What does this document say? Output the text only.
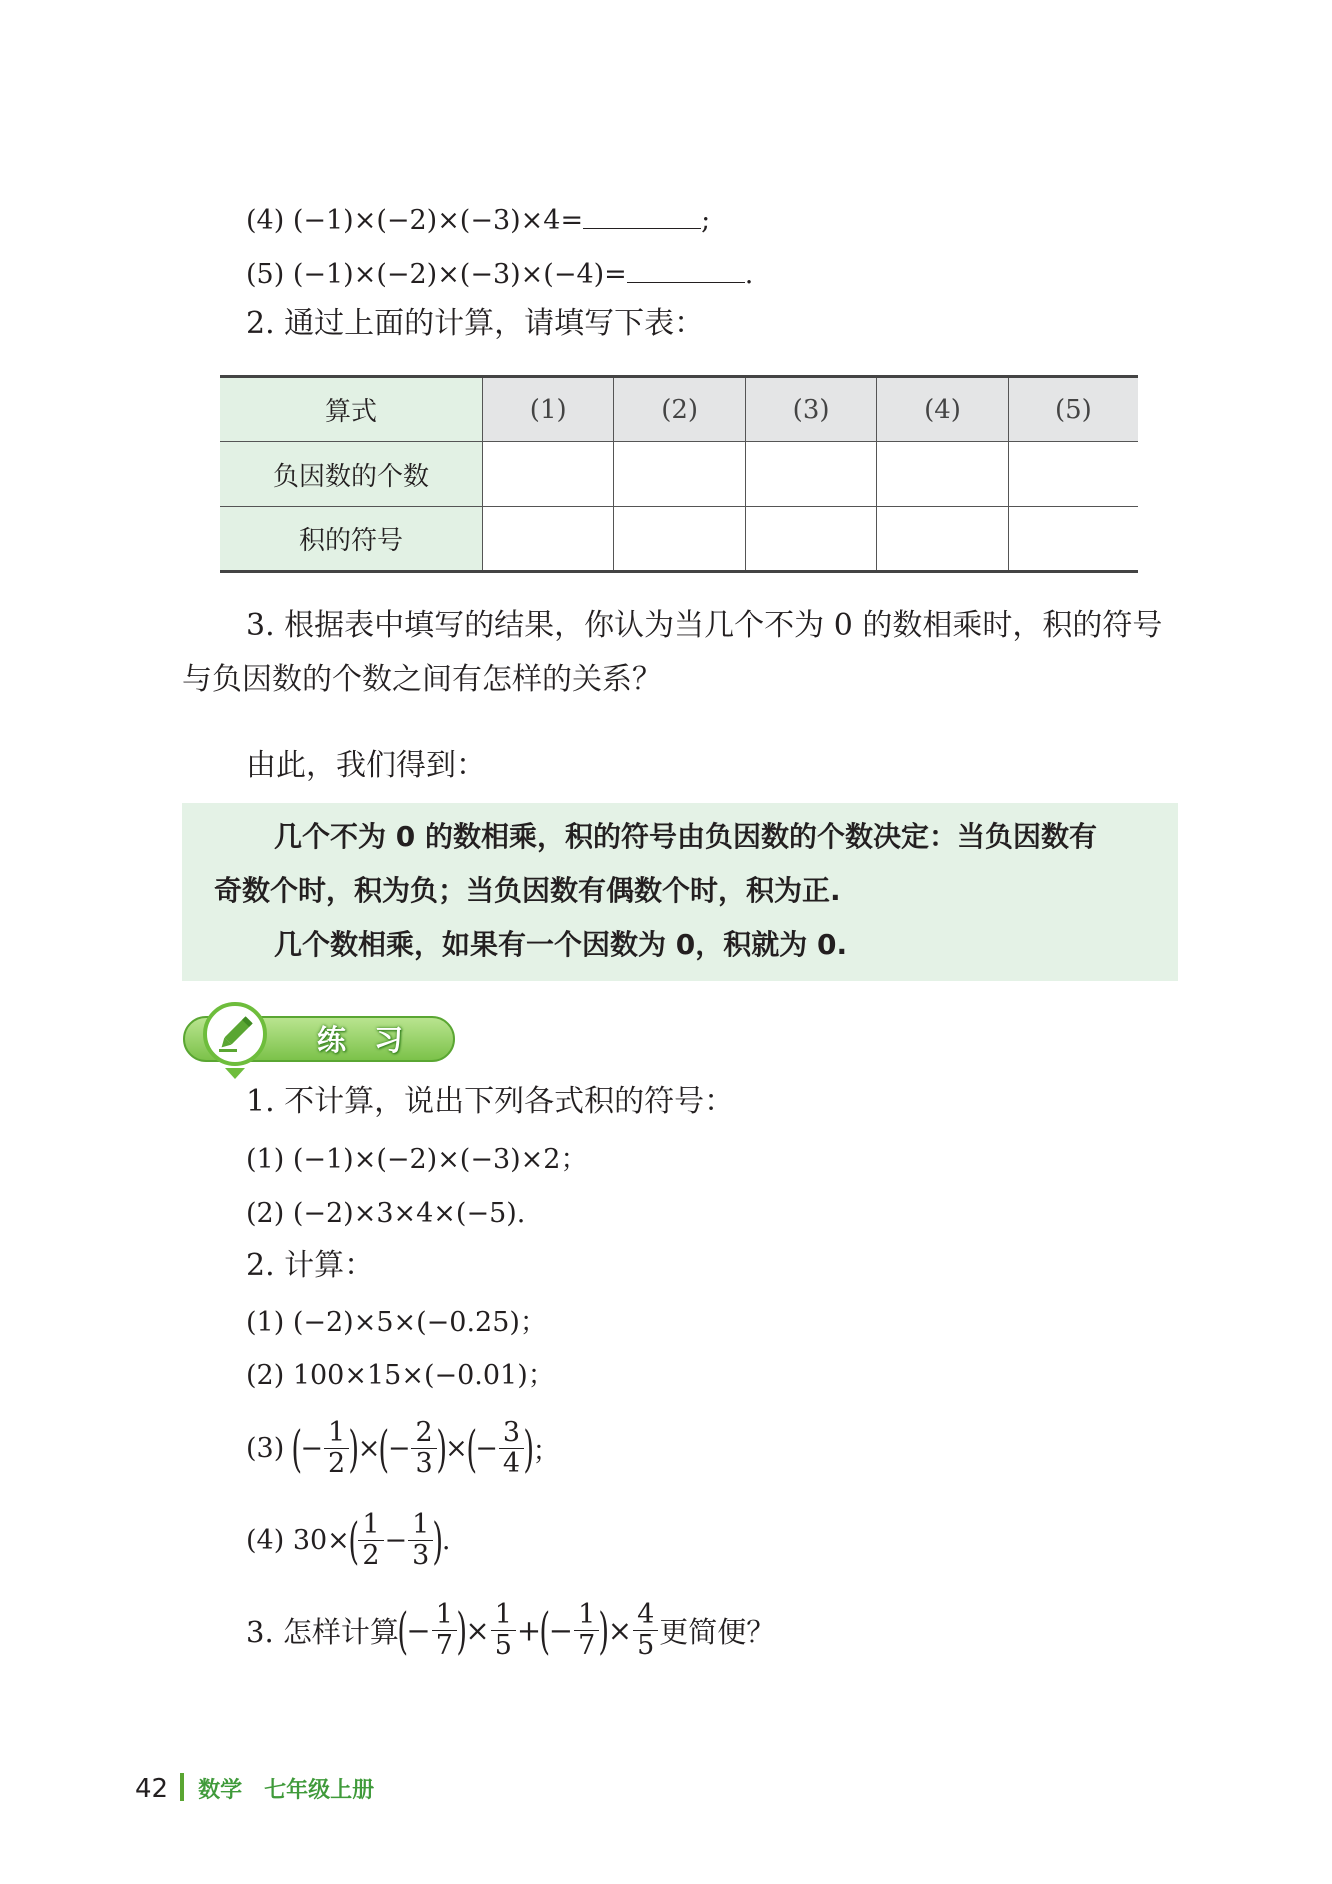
(4) (−1)×(−2)×(−3)×4=	;
(5) (−1)×(−2)×(−3)×(−4)=	.
2. 通过上面的计算，请填写下表：
算式	(1)	(2)	(3)	(4)	(5)
负因数的个数					
积的符号					
3. 根据表中填写的结果，你认为当几个不为 0 的数相乘时，积的符号
与负因数的个数之间有怎样的关系？
由此，我们得到：

几个不为 0 的数相乘，积的符号由负因数的个数决定：当负因数有

奇数个时，积为负；当负因数有偶数个时，积为正.

几个数相乘，如果有一个因数为 0，积就为 0.

练习
1. 不计算，说出下列各式积的符号：
(1) (−1)×(−2)×(−3)×2；
(2) (−2)×3×4×(−5).
2. 计算：
(1) (−2)×5×(−0.25)；
(2) 100×15×(−0.01)；
(3) (− $\frac{1}{2}$ )×(− $\frac{2}{3}$ )×(− $\frac{3}{4}$ )；
(4) $30\times( \frac{1}{2} - \frac{1}{3}$ ).
3. 怎样计算(− $\frac{1}{7}$ )× $\frac{1}{5}$ +(− $\frac{1}{7}$ )× $\frac{4}{5}$ 更简便？
42 数学　七年级上册
